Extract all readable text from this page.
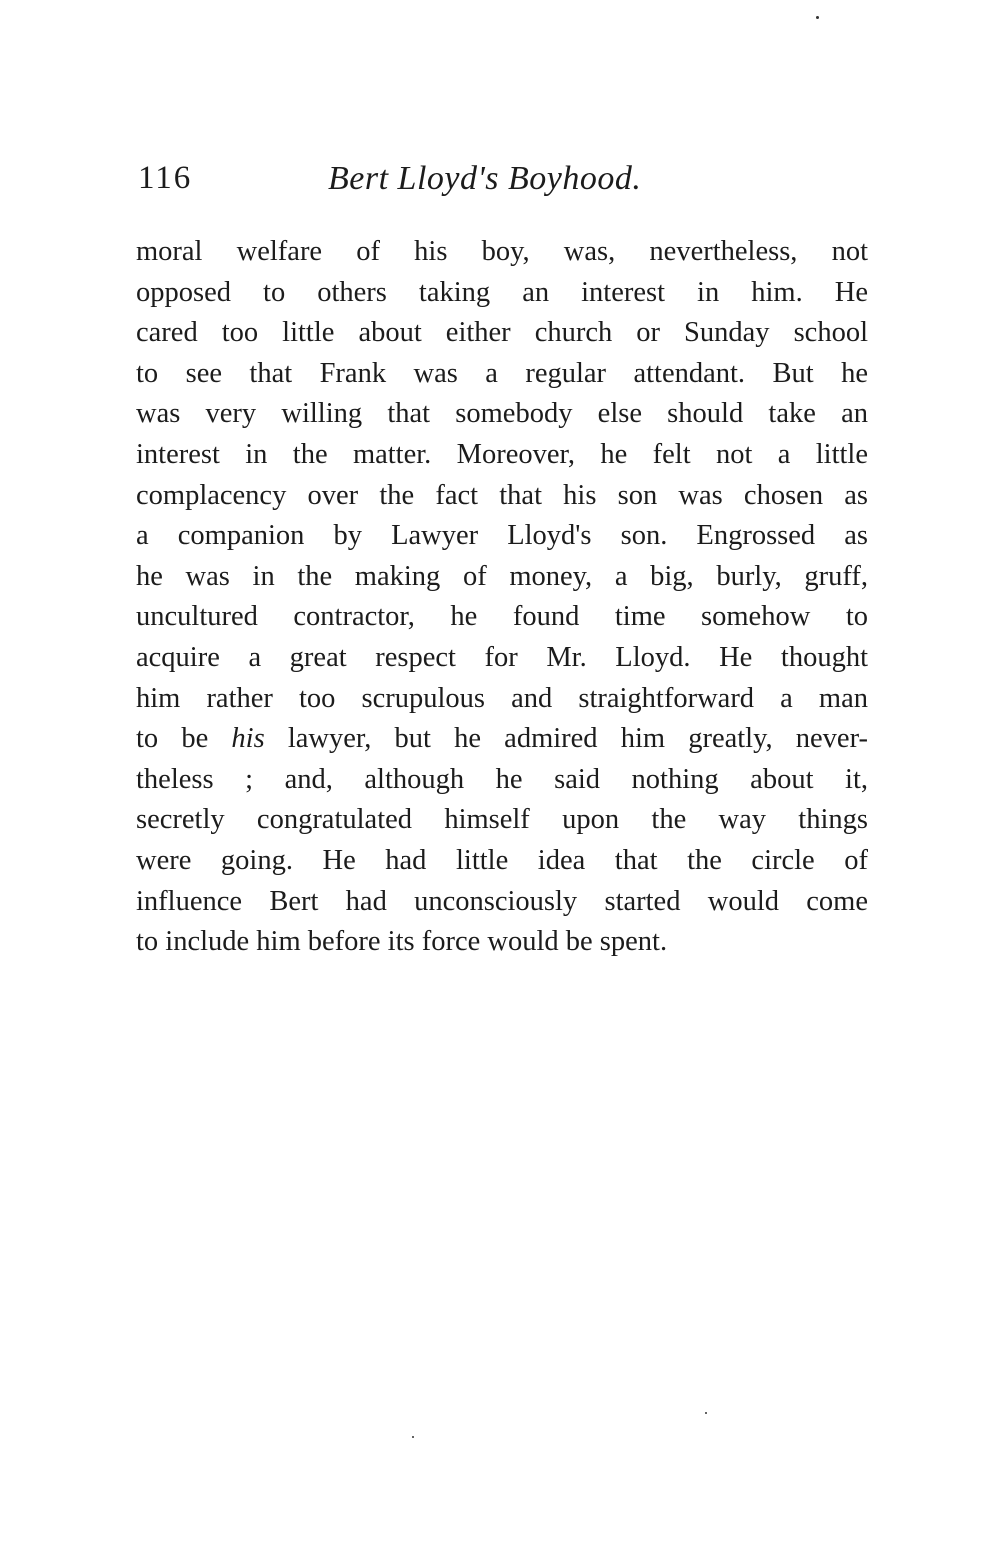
116	Bert Lloyd's Boyhood.
moral welfare of his boy, was, nevertheless, not
opposed to others taking an interest in him. He
cared too little about either church or Sunday school
to see that Frank was a regular attendant. But he
was very willing that somebody else should take an
interest in the matter. Moreover, he felt not a little
complacency over the fact that his son was chosen as
a companion by Lawyer Lloyd's son. Engrossed as
he was in the making of money, a big, burly, gruff,
uncultured contractor, he found time somehow to
acquire a great respect for Mr. Lloyd. He thought
him rather too scrupulous and straightforward a man
to be his lawyer, but he admired him greatly, never-
theless ; and, although he said nothing about it,
secretly congratulated himself upon the way things
were going. He had little idea that the circle of
influence Bert had unconsciously started would come
to include him before its force would be spent.
